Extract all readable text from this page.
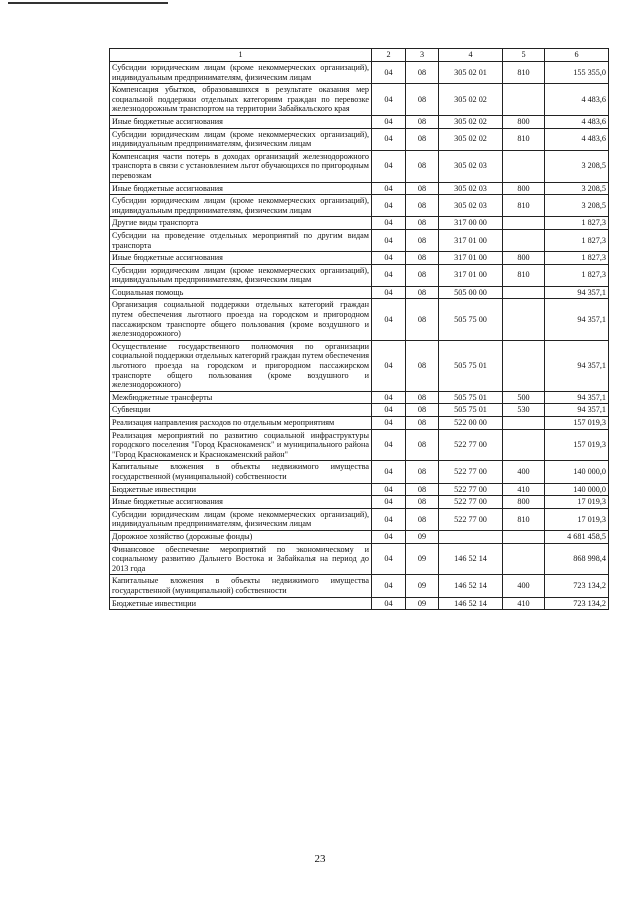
1	2	3	4	5	6
Субсидии юридическим лицам (кроме некоммерческих организаций), индивидуальным предпринимателям, физическим лицам	04	08	305 02 01	810	155 355,0
Компенсация убытков, образовавшихся в результате оказания мер социальной поддержки отдельных категориям граждан по перевозке железнодорожным транспортом на территории Забайкальского края	04	08	305 02 02		4 483,6
Иные бюджетные ассигнования	04	08	305 02 02	800	4 483,6
Субсидии юридическим лицам (кроме некоммерческих организаций), индивидуальным предпринимателям, физическим лицам	04	08	305 02 02	810	4 483,6
Компенсация части потерь в доходах организаций железнодорожного транспорта в связи с установлением льгот обучающихся по пригородным перевозкам	04	08	305 02 03		3 208,5
Иные бюджетные ассигнования	04	08	305 02 03	800	3 208,5
Субсидии юридическим лицам (кроме некоммерческих организаций), индивидуальным предпринимателям, физическим лицам	04	08	305 02 03	810	3 208,5
Другие виды транспорта	04	08	317 00 00		1 827,3
Субсидии на проведение отдельных мероприятий по другим видам транспорта	04	08	317 01 00		1 827,3
Иные бюджетные ассигнования	04	08	317 01 00	800	1 827,3
Субсидии юридическим лицам (кроме некоммерческих организаций), индивидуальным предпринимателям, физическим лицам	04	08	317 01 00	810	1 827,3
Социальная помощь	04	08	505 00 00		94 357,1
Организация социальной поддержки отдельных категорий граждан путем обеспечения льготного проезда на городском и пригородном пассажирском транспорте общего пользования (кроме воздушного и железнодорожного)	04	08	505 75 00		94 357,1
Осуществление государственного полномочия по организации социальной поддержки отдельных категорий граждан путем обеспечения льготного проезда на городском и пригородном пассажирском транспорте общего пользования (кроме воздушного и железнодорожного)	04	08	505 75 01		94 357,1
Межбюджетные трансферты	04	08	505 75 01	500	94 357,1
Субвенции	04	08	505 75 01	530	94 357,1
Реализация направления расходов по отдельным мероприятиям	04	08	522 00 00		157 019,3
Реализация мероприятий по развитию социальной инфраструктуры городского поселения "Город Краснокаменск" и муниципального района "Город Краснокаменск и Краснокаменский район"	04	08	522 77 00		157 019,3
Капитальные вложения в объекты недвижимого имущества государственной (муниципальной) собственности	04	08	522 77 00	400	140 000,0
Бюджетные инвестиции	04	08	522 77 00	410	140 000,0
Иные бюджетные ассигнования	04	08	522 77 00	800	17 019,3
Субсидии юридическим лицам (кроме некоммерческих организаций), индивидуальным предпринимателям, физическим лицам	04	08	522 77 00	810	17 019,3
Дорожное хозяйство (дорожные фонды)	04	09			4 681 458,5
Финансовое обеспечение мероприятий по экономическому и социальному развитию Дальнего Востока и Забайкалья на период до 2013 года	04	09	146 52 14		868 998,4
Капитальные вложения в объекты недвижимого имущества государственной (муниципальной) собственности	04	09	146 52 14	400	723 134,2
Бюджетные инвестиции	04	09	146 52 14	410	723 134,2
23
